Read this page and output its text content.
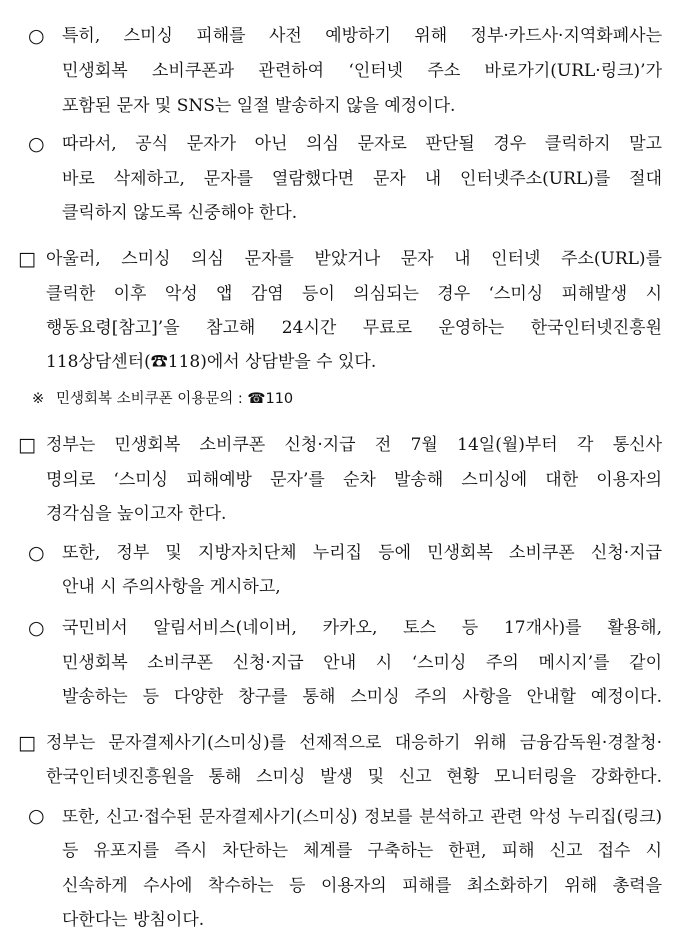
○ 특히, 스미싱 피해를 사전 예방하기 위해 정부·카드사·지역화폐사는
민생회복 소비쿠폰과 관련하여 ‘인터넷 주소 바로가기(URL·링크)’가
포함된 문자 및 SNS는 일절 발송하지 않을 예정이다.
○ 따라서, 공식 문자가 아닌 의심 문자로 판단될 경우 클릭하지 말고
바로 삭제하고, 문자를 열람했다면 문자 내 인터넷주소(URL)를 절대
클릭하지 않도록 신중해야 한다.
□ 아울러, 스미싱 의심 문자를 받았거나 문자 내 인터넷 주소(URL)를
클릭한 이후 악성 앱 감염 등이 의심되는 경우 ‘스미싱 피해발생 시
행동요령[참고]’을 참고해 24시간 무료로 운영하는 한국인터넷진흥원
118상담센터(☎118)에서 상담받을 수 있다.
※ 민생회복 소비쿠폰 이용문의 : ☎110
□ 정부는 민생회복 소비쿠폰 신청·지급 전 7월 14일(월)부터 각 통신사
명의로 ‘스미싱 피해예방 문자’를 순차 발송해 스미싱에 대한 이용자의
경각심을 높이고자 한다.
○ 또한, 정부 및 지방자치단체 누리집 등에 민생회복 소비쿠폰 신청·지급
안내 시 주의사항을 게시하고,
○ 국민비서 알림서비스(네이버, 카카오, 토스 등 17개사)를 활용해,
민생회복 소비쿠폰 신청·지급 안내 시 ‘스미싱 주의 메시지’를 같이
발송하는 등 다양한 창구를 통해 스미싱 주의 사항을 안내할 예정이다.
□ 정부는 문자결제사기(스미싱)를 선제적으로 대응하기 위해 금융감독원·경찰청·
한국인터넷진흥원을 통해 스미싱 발생 및 신고 현황 모니터링을 강화한다.
○ 또한, 신고·접수된 문자결제사기(스미싱) 정보를 분석하고 관련 악성 누리집(링크)
등 유포지를 즉시 차단하는 체계를 구축하는 한편, 피해 신고 접수 시
신속하게 수사에 착수하는 등 이용자의 피해를 최소화하기 위해 총력을
다한다는 방침이다.
